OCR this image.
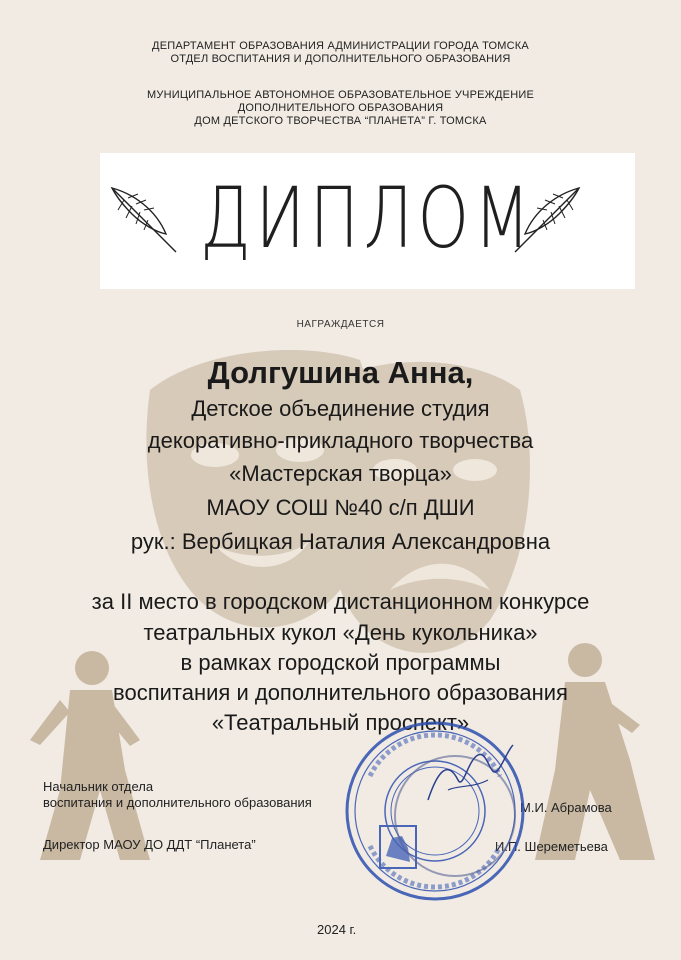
ДЕПАРТАМЕНТ ОБРАЗОВАНИЯ АДМИНИСТРАЦИИ ГОРОДА ТОМСКА
ОТДЕЛ ВОСПИТАНИЯ И ДОПОЛНИТЕЛЬНОГО ОБРАЗОВАНИЯ
МУНИЦИПАЛЬНОЕ АВТОНОМНОЕ ОБРАЗОВАТЕЛЬНОЕ УЧРЕЖДЕНИЕ
ДОПОЛНИТЕЛЬНОГО ОБРАЗОВАНИЯ
ДОМ ДЕТСКОГО ТВОРЧЕСТВА “ПЛАНЕТА” Г. ТОМСКА
ДИПЛОМ
НАГРАЖДАЕТСЯ
Долгушина Анна,
Детское объединение студия
декоративно-прикладного творчества
«Мастерская творца»
МАОУ СОШ №40 с/п ДШИ
рук.: Вербицкая Наталия Александровна
за II место в городском дистанционном конкурсе
театральных кукол «День кукольника»
в рамках городской программы
воспитания и дополнительного образования
«Театральный проспект»
Начальник отдела
воспитания и дополнительного образования	М.И. Абрамова
Директор МАОУ ДО ДДТ “Планета”	И.П. Шереметьева
2024 г.
